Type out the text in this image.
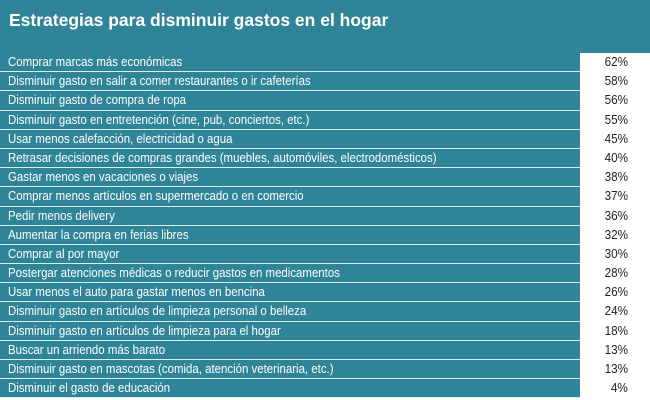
Estrategias para disminuir gastos en el hogar
Comprar marcas más económicas	62%
Disminuir gasto en salir a comer restaurantes o ir cafeterías	58%
Disminuir gasto de compra de ropa	56%
Disminuir gasto en entretención (cine, pub, conciertos, etc.)	55%
Usar menos calefacción, electricidad o agua	45%
Retrasar decisiones de compras grandes (muebles, automóviles, electrodomésticos)	40%
Gastar menos en vacaciones o viajes	38%
Comprar menos artículos en supermercado o en comercio	37%
Pedir menos delivery	36%
Aumentar la compra en ferias libres	32%
Comprar al por mayor	30%
Postergar atenciones médicas o reducir gastos en medicamentos	28%
Usar menos el auto para gastar menos en bencina	26%
Disminuir gasto en artículos de limpieza personal o belleza	24%
Disminuir gasto en artículos de limpieza para el hogar	18%
Buscar un arriendo más barato	13%
Disminuir gasto en mascotas (comida, atención veterinaria, etc.)	13%
Disminuir el gasto de educación	4%
